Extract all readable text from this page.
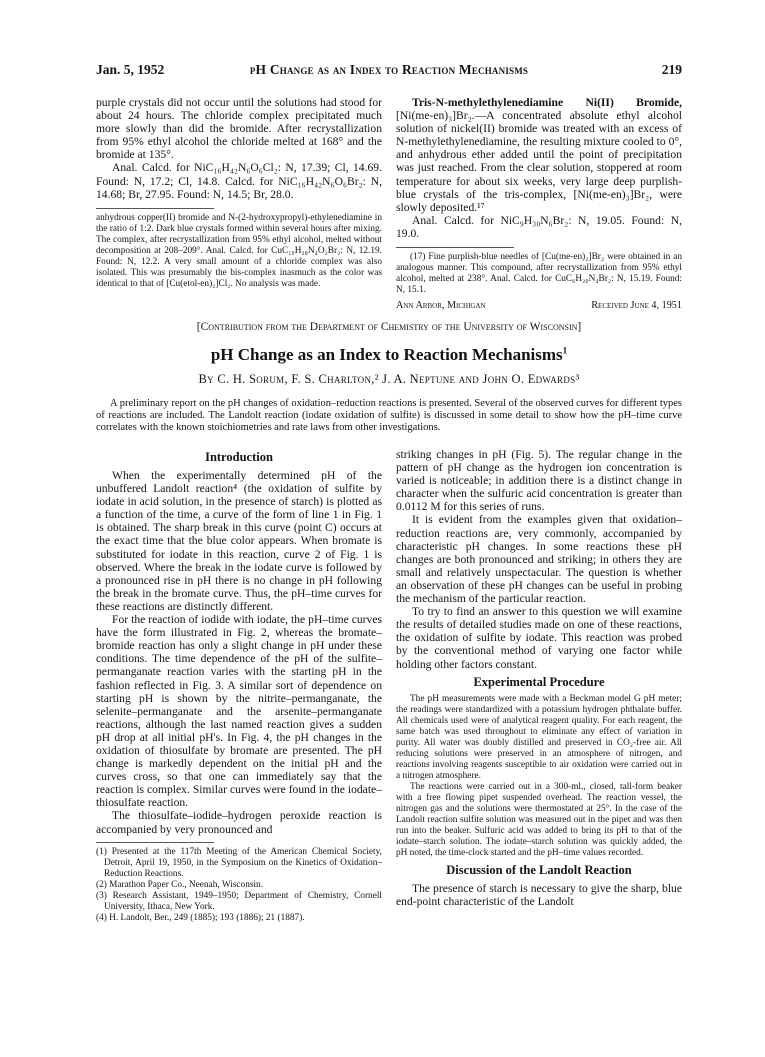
Jan. 5, 1952	pH Change as an Index to Reaction Mechanisms	219

purple crystals did not occur until the solutions had stood for about 24 hours. The chloride complex precipitated much more slowly than did the bromide. After recrystallization from 95% ethyl alcohol the chloride melted at 168° and the bromide at 135°.

Anal. Calcd. for NiC₁₆H₄₂N₆O₆Cl₂: N, 17.39; Cl, 14.69. Found: N, 17.2; Cl, 14.8. Calcd. for NiC₁₆H₄₂N₆O₆Br₂: N, 14.68; Br, 27.95. Found: N, 14.5; Br, 28.0.

anhydrous copper(II) bromide and N-(2-hydroxypropyl)-ethylenediamine in the ratio of 1:2. Dark blue crystals formed within several hours after mixing. The complex, after recrystallization from 95% ethyl alcohol, melted without decomposition at 208–209°. Anal. Calcd. for CuC₁₀H₂₈N₄O₂Br₂: N, 12.19. Found: N, 12.2. A very small amount of a chloride complex was also isolated. This was presumably the bis-complex inasmuch as the color was identical to that of [Cu(etol-en)₂]Cl₂. No analysis was made.

Tris-N-methylethylenediamine Ni(II) Bromide, [Ni(me-en)₃]Br₂.—A concentrated absolute ethyl alcohol solution of nickel(II) bromide was treated with an excess of N-methylethylenediamine, the resulting mixture cooled to 0°, and anhydrous ether added until the point of precipitation was just reached. From the clear solution, stoppered at room temperature for about six weeks, very large deep purplish-blue crystals of the tris-complex, [Ni(me-en)₃]Br₂, were slowly deposited.¹⁷

Anal. Calcd. for NiC₉H₃₀N₆Br₂: N, 19.05. Found: N, 19.0.

(17) Fine purplish-blue needles of [Cu(me-en)₂]Br₂ were obtained in an analogous manner. This compound, after recrystallization from 95% ethyl alcohol, melted at 238°. Anal. Calcd. for CuC₆H₂₀N₄Br₂: N, 15.19. Found: N, 15.1.

Ann Arbor, Michigan	Received June 4, 1951
[Contribution from the Department of Chemistry of the University of Wisconsin]
pH Change as an Index to Reaction Mechanisms$^1$
By C. H. Sorum, F. S. Charlton,² J. A. Neptune and John O. Edwards³

A preliminary report on the pH changes of oxidation–reduction reactions is presented. Several of the observed curves for different types of reactions are included. The Landolt reaction (iodate oxidation of sulfite) is discussed in some detail to show how the pH–time curve correlates with the known stoichiometries and rate laws from other investigations.

Introduction

When the experimentally determined pH of the unbuffered Landolt reaction⁴ (the oxidation of sulfite by iodate in acid solution, in the presence of starch) is plotted as a function of the time, a curve of the form of line 1 in Fig. 1 is obtained. The sharp break in this curve (point C) occurs at the exact time that the blue color appears. When bromate is substituted for iodate in this reaction, curve 2 of Fig. 1 is observed. Where the break in the iodate curve is followed by a pronounced rise in pH there is no change in pH following the break in the bromate curve. Thus, the pH–time curves for these reactions are distinctly different.

For the reaction of iodide with iodate, the pH–time curves have the form illustrated in Fig. 2, whereas the bromate–bromide reaction has only a slight change in pH under these conditions. The time dependence of the pH of the sulfite–permanganate reaction varies with the starting pH in the fashion reflected in Fig. 3. A similar sort of dependence on starting pH is shown by the nitrite–permanganate, the selenite–permanganate and the arsenite–permanganate reactions, although the last named reaction gives a sudden pH drop at all initial pH's. In Fig. 4, the pH changes in the oxidation of thiosulfate by bromate are presented. The pH change is markedly dependent on the initial pH and the curves cross, so that one can immediately say that the reaction is complex. Similar curves were found in the iodate–thiosulfate reaction.

The thiosulfate–iodide–hydrogen peroxide reaction is accompanied by very pronounced and

(1) Presented at the 117th Meeting of the American Chemical Society, Detroit, April 19, 1950, in the Symposium on the Kinetics of Oxidation–Reduction Reactions.

(2) Marathon Paper Co., Neenah, Wisconsin.

(3) Research Assistant, 1949–1950; Department of Chemistry, Cornell University, Ithaca, New York.

(4) H. Landolt, Ber., 249 (1885); 193 (1886); 21 (1887).

striking changes in pH (Fig. 5). The regular change in the pattern of pH change as the hydrogen ion concentration is varied is noticeable; in addition there is a distinct change in character when the sulfuric acid concentration is greater than 0.0112 M for this series of runs.

It is evident from the examples given that oxidation–reduction reactions are, very commonly, accompanied by characteristic pH changes. In some reactions these pH changes are both pronounced and striking; in others they are small and relatively unspectacular. The question is whether an observation of these pH changes can be useful in probing the mechanism of the particular reaction.

To try to find an answer to this question we will examine the results of detailed studies made on one of these reactions, the oxidation of sulfite by iodate. This reaction was probed by the conventional method of varying one factor while holding other factors constant.

Experimental Procedure

The pH measurements were made with a Beckman model G pH meter; the readings were standardized with a potassium hydrogen phthalate buffer. All chemicals used were of analytical reagent quality. For each reagent, the same batch was used throughout to eliminate any effect of variation in purity. All water was doubly distilled and preserved in CO₂-free air. All reducing solutions were preserved in an atmosphere of nitrogen, and reactions involving reagents susceptible to air oxidation were carried out in a nitrogen atmosphere.

The reactions were carried out in a 300-ml., closed, tall-form beaker with a free flowing pipet suspended overhead. The reaction vessel, the nitrogen gas and the solutions were thermostated at 25°. In the case of the Landolt reaction sulfite solution was measured out in the pipet and was then run into the beaker. Sulfuric acid was added to bring its pH to that of the iodate–starch solution. The iodate–starch solution was quickly added, the pH noted, the time-clock started and the pH–time values recorded.

Discussion of the Landolt Reaction

The presence of starch is necessary to give the sharp, blue end-point characteristic of the Landolt
